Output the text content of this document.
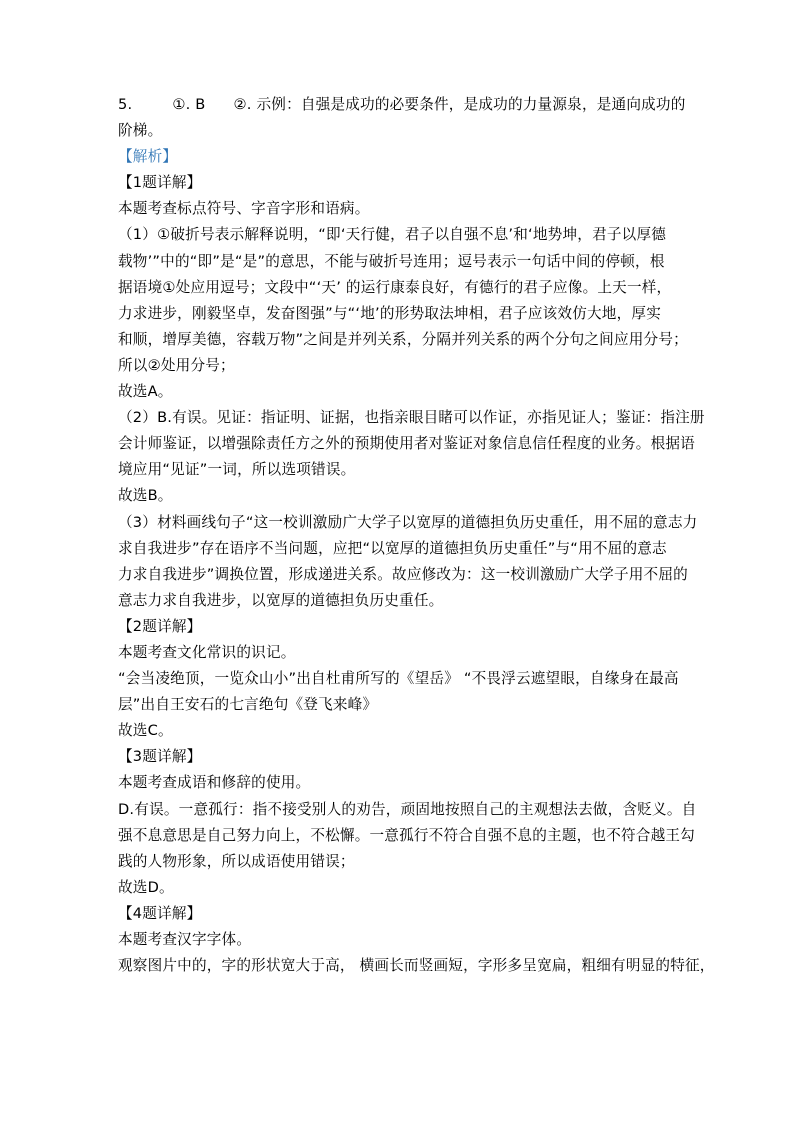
5.	①. B ②. 示例：自强是成功的必要条件，是成功的力量源泉，是通向成功的
阶梯。
【解析】
【1题详解】
本题考查标点符号、字音字形和语病。
（1）①破折号表示解释说明，“即‘天行健，君子以自强不息’和‘地势坤，君子以厚德
载物’”中的“即”是“是”的意思，不能与破折号连用；逗号表示一句话中间的停顿，根
据语境①处应用逗号；文段中“‘天’ 的运行康泰良好，有德行的君子应像。上天一样，
力求进步，刚毅坚卓，发奋图强”与“‘地’的形势取法坤相，君子应该效仿大地，厚实
和顺，增厚美德，容载万物”之间是并列关系，分隔并列关系的两个分句之间应用分号；
所以②处用分号；
故选A。
（2）B.有误。见证：指证明、证据，也指亲眼目睹可以作证，亦指见证人；鉴证：指注册
会计师鉴证，以增强除责任方之外的预期使用者对鉴证对象信息信任程度的业务。根据语
境应用“见证”一词，所以选项错误。
故选B。
（3）材料画线句子“这一校训激励广大学子以宽厚的道德担负历史重任，用不屈的意志力
求自我进步”存在语序不当问题，应把“以宽厚的道德担负历史重任”与“用不屈的意志
力求自我进步”调换位置，形成递进关系。故应修改为：这一校训激励广大学子用不屈的
意志力求自我进步，以宽厚的道德担负历史重任。
【2题详解】
本题考查文化常识的识记。
“会当凌绝顶，一览众山小”出自杜甫所写的《望岳》 “不畏浮云遮望眼，自缘身在最高
层”出自王安石的七言绝句《登飞来峰》
故选C。
【3题详解】
本题考查成语和修辞的使用。
D.有误。一意孤行：指不接受别人的劝告，顽固地按照自己的主观想法去做，含贬义。自
强不息意思是自己努力向上，不松懈。一意孤行不符合自强不息的主题，也不符合越王勾
践的人物形象，所以成语使用错误；
故选D。
【4题详解】
本题考查汉字字体。
观察图片中的，字的形状宽大于高， 横画长而竖画短，字形多呈宽扁，粗细有明显的特征，
